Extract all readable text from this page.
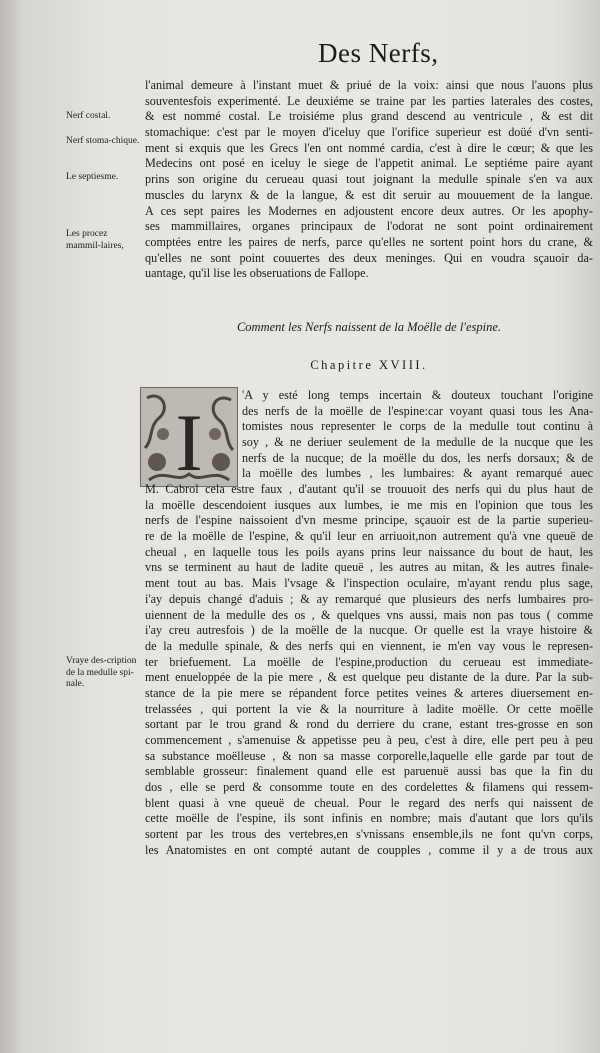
Des Nerfs,
Nerf costal.
Nerf stoma-chique.
Le septiesme.
Les procez mammil-laires,
Vraye des-cription de la medulle spi-nale.
l'animal demeure à l'instant muet & priué de la voix: ainsi que nous l'auons plus
souventesfois experimenté. Le deuxiéme se traine par les parties laterales des costes,
& est nommé costal. Le troisiéme plus grand descend au ventricule , & est dit
stomachique: c'est par le moyen d'iceluy que l'orifice superieur est doüé d'vn senti-
ment si exquis que les Grecs l'en ont nommé cardia, c'est à dire le cœur; & que les
Medecins ont posé en iceluy le siege de l'appetit animal. Le septiéme paire ayant
prins son origine du cerueau quasi tout joignant la medulle spinale s'en va aux
muscles du larynx & de la langue, & est dit seruir au mouuement de la langue.
A ces sept paires les Modernes en adjoustent encore deux autres. Or les apophy-
ses mammillaires, organes principaux de l'odorat ne sont point ordinairement
comptées entre les paires de nerfs, parce qu'elles ne sortent point hors du crane, &
qu'elles ne sont point couuertes des deux meninges. Qui en voudra sçauoir da-
uantage, qu'il lise les obseruations de Fallope.
Comment les Nerfs naissent de la Moëlle de l'espine.
Chapitre XVIII.
I
'A y esté long temps incertain & douteux touchant l'origine
des nerfs de la moëlle de l'espine:car voyant quasi tous les Ana-
tomistes nous representer le corps de la medulle tout continu à
soy , & ne deriuer seulement de la medulle de la nucque que les
nerfs de la nucque; de la moëlle du dos, les nerfs dorsaux; & de
la moëlle des lumbes , les lumbaires: & ayant remarqué auec
M. Cabrol cela estre faux , d'autant qu'il se trouuoit des nerfs qui du plus haut de
la moëlle descendoient iusques aux lumbes, ie me mis en l'opinion que tous les
nerfs de l'espine naissoient d'vn mesme principe, sçauoir est de la partie superieu-
re de la moëlle de l'espine, & qu'il leur en arriuoit,non autrement qu'à vne queuë de
cheual , en laquelle tous les poils ayans prins leur naissance du bout de haut, les
vns se terminent au haut de ladite queuë , les autres au mitan, & les autres finale-
ment tout au bas. Mais l'vsage & l'inspection oculaire, m'ayant rendu plus sage,
i'ay depuis changé d'aduis ; & ay remarqué que plusieurs des nerfs lumbaires pro-
uiennent de la medulle des os , & quelques vns aussi, mais non pas tous ( comme
i'ay creu autresfois ) de la moëlle de la nucque. Or quelle est la vraye histoire &
de la medulle spinale, & des nerfs qui en viennent, ie m'en vay vous le represen-
ter briefuement. La moëlle de l'espine,production du cerueau est immediate-
ment enueloppée de la pie mere , & est quelque peu distante de la dure. Par la sub-
stance de la pie mere se répandent force petites veines & arteres diuersement en-
trelassées , qui portent la vie & la nourriture à ladite moëlle. Or cette moëlle
sortant par le trou grand & rond du derriere du crane, estant tres-grosse en son
commencement , s'amenuise & appetisse peu à peu, c'est à dire, elle pert peu à peu
sa substance moëlleuse , & non sa masse corporelle,laquelle elle garde par tout de
semblable grosseur: finalement quand elle est paruenuë aussi bas que la fin du
dos , elle se perd & consomme toute en des cordelettes & filamens qui ressem-
blent quasi à vne queuë de cheual. Pour le regard des nerfs qui naissent de
cette moëlle de l'espine, ils sont infinis en nombre; mais d'autant que lors qu'ils
sortent par les trous des vertebres,en s'vnissans ensemble,ils ne font qu'vn corps,
les Anatomistes en ont compté autant de coupples , comme il y a de trous aux
